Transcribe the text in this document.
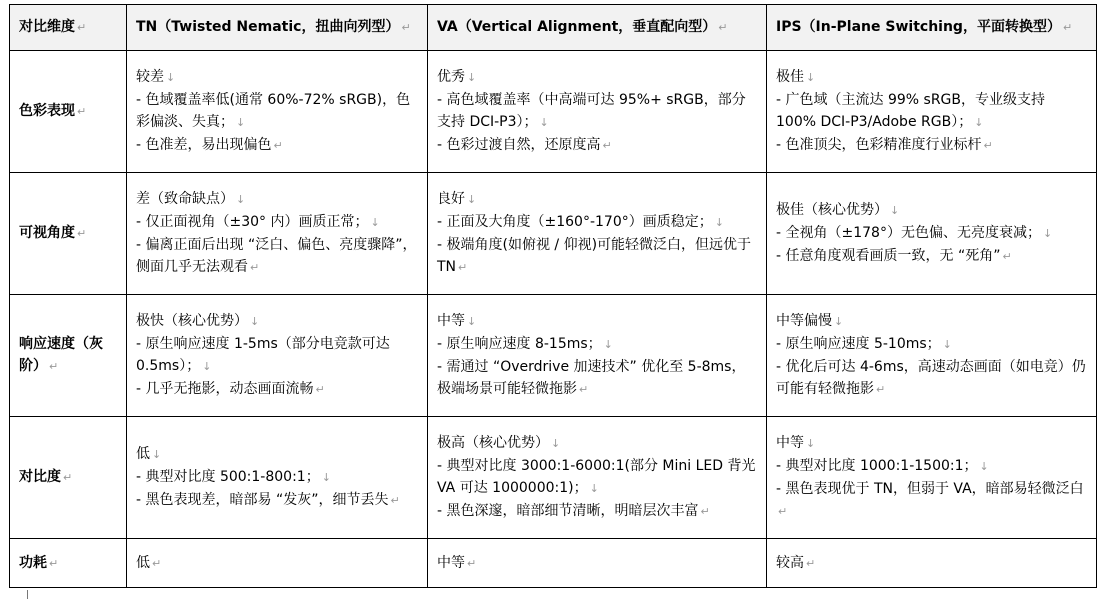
对比维度 ↵	TN（Twisted Nematic，扭曲向列型） ↵	VA（Vertical Alignment，垂直配向型） ↵	IPS（In-Plane Switching，平面转换型） ↵
色彩表现 ↵	较差 ↓
- 色域覆盖率低(通常 60%-72% sRGB)，色彩偏淡、失真； ↓
- 色准差，易出现偏色 ↵	优秀 ↓
- 高色域覆盖率（中高端可达 95%+ sRGB，部分支持 DCI-P3）； ↓
- 色彩过渡自然，还原度高 ↵	极佳 ↓
- 广色域（主流达 99% sRGB，专业级支持 100% DCI-P3/Adobe RGB）； ↓
- 色准顶尖，色彩精准度行业标杆 ↵

可视角度 ↵	差（致命缺点） ↓
- 仅正面视角（±30° 内）画质正常； ↓
- 偏离正面后出现 “泛白、偏色、亮度骤降”，侧面几乎无法观看 ↵	良好 ↓
- 正面及大角度（±160°-170°）画质稳定； ↓
- 极端角度(如俯视 / 仰视)可能轻微泛白，但远优于 TN ↵	极佳（核心优势） ↓
- 全视角（±178°）无色偏、无亮度衰减； ↓
- 任意角度观看画质一致，无 “死角” ↵

响应速度（灰阶） ↵	极快（核心优势） ↓
- 原生响应速度 1-5ms（部分电竞款可达 0.5ms）； ↓
- 几乎无拖影，动态画面流畅 ↵	中等 ↓
- 原生响应速度 8-15ms； ↓
- 需通过 “Overdrive 加速技术” 优化至 5-8ms，极端场景可能轻微拖影 ↵	中等偏慢 ↓
- 原生响应速度 5-10ms； ↓
- 优化后可达 4-6ms，高速动态画面（如电竞）仍可能有轻微拖影 ↵

对比度 ↵	低 ↓
- 典型对比度 500:1-800:1； ↓
- 黑色表现差，暗部易 “发灰”，细节丢失 ↵	极高（核心优势） ↓
- 典型对比度 3000:1-6000:1(部分 Mini LED 背光 VA 可达 1000000:1)； ↓
- 黑色深邃，暗部细节清晰，明暗层次丰富 ↵	中等 ↓
- 典型对比度 1000:1-1500:1； ↓
- 黑色表现优于 TN，但弱于 VA，暗部易轻微泛白↵

功耗 ↵	低 ↵	中等 ↵	较高 ↵
